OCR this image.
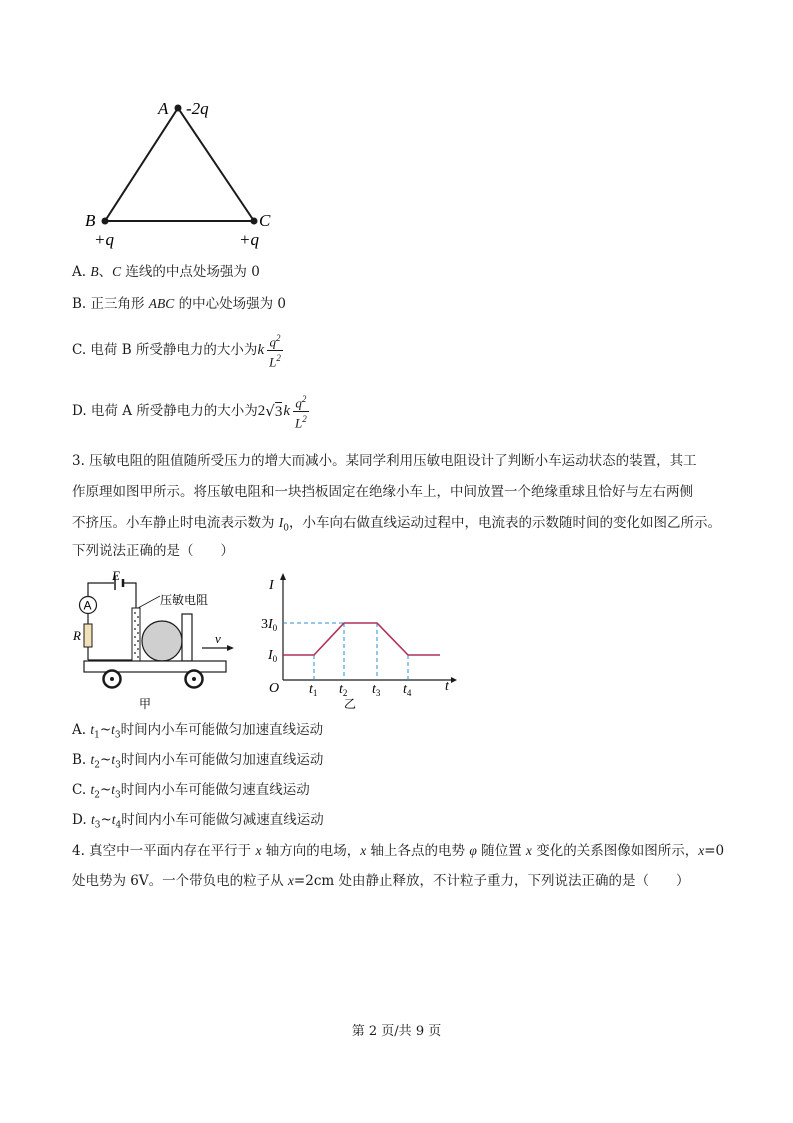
A -2q
B
+q
C
+q
A. B、C 连线的中点处场强为 0
B. 正三角形 ABC 的中心处场强为 0
C. 电荷 B 所受静电力的大小为 k $\frac{q^2}{L^2}$
D. 电荷 A 所受静电力的大小为 2 √ 3 k $\frac{q^2}{L^2}$
3. 压敏电阻的阻值随所受压力的增大而减小。某同学利用压敏电阻设计了判断小车运动状态的装置，其工
作原理如图甲所示。将压敏电阻和一块挡板固定在绝缘小车上，中间放置一个绝缘重球且恰好与左右两侧
不挤压。小车静止时电流表示数为 $I_0$，小车向右做直线运动过程中，电流表的示数随时间的变化如图乙所示。
下列说法正确的是（　　）
E
A
R
压敏电阻
v
甲
I
t
O
$3I_0$
$I_0$
$t_1$ $t_2$ $t_3$ $t_4$
乙
A. $t_1\sim t_3$时间内小车可能做匀加速直线运动
B. $t_2\sim t_3$时间内小车可能做匀加速直线运动
C. $t_2\sim t_3$时间内小车可能做匀速直线运动
D. $t_3\sim t_4$时间内小车可能做匀减速直线运动
4. 真空中一平面内存在平行于 x 轴方向的电场，x 轴上各点的电势 φ 随位置 x 变化的关系图像如图所示，x=0
处电势为 6V。一个带负电的粒子从 x=2cm 处由静止释放，不计粒子重力，下列说法正确的是（　　）
第 2 页/共 9 页
